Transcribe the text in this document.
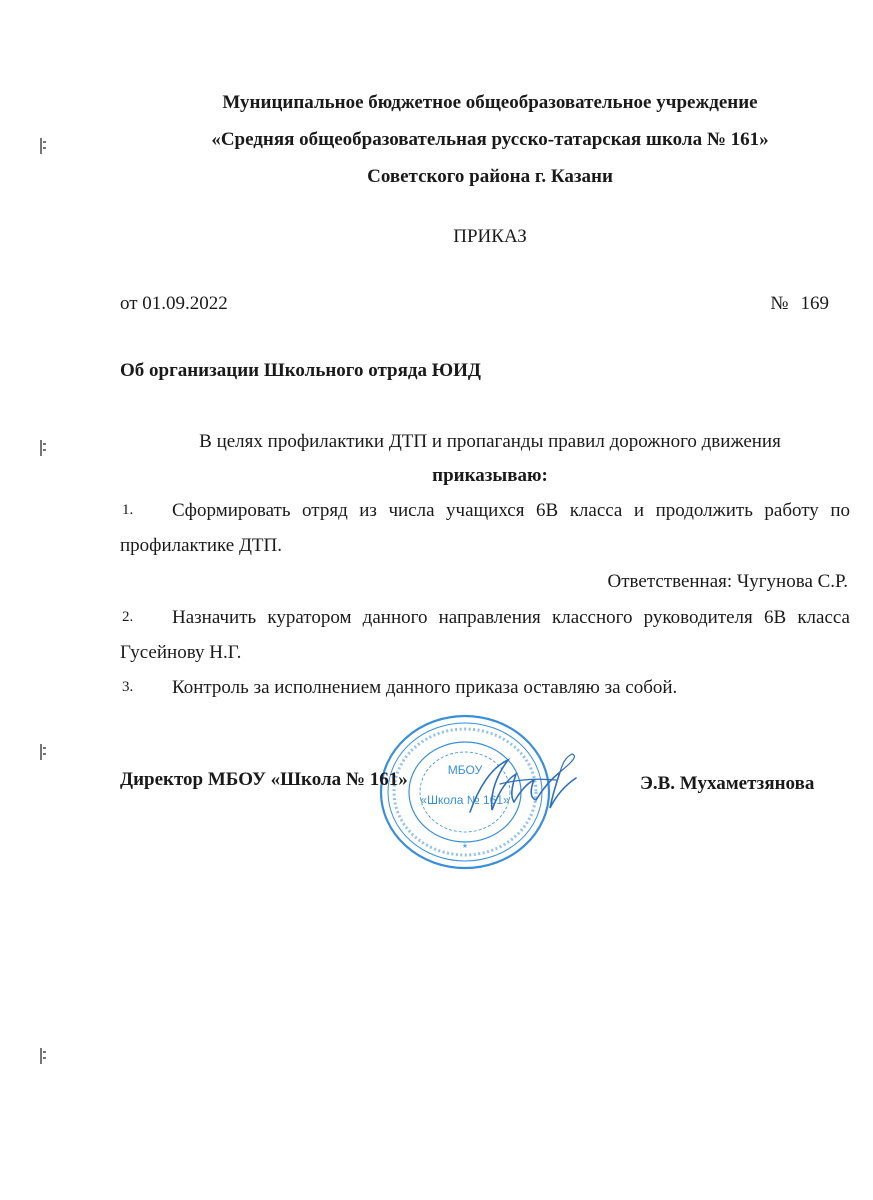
Муниципальное бюджетное общеобразовательное учреждение
«Средняя общеобразовательная русско-татарская школа № 161»
Советского района г. Казани
ПРИКАЗ
от 01.09.2022	№ 169
Об организации Школьного отряда ЮИД
В целях профилактики ДТП и пропаганды правил дорожного движения
приказываю:
1.	Сформировать отряд из числа учащихся 6В класса и продолжить работу по профилактике ДТП.
Ответственная: Чугунова С.Р.
2.	Назначить куратором данного направления классного руководителя 6В класса Гусейнову Н.Г.
3.	Контроль за исполнением данного приказа оставляю за собой.
МБОУ
«Школа № 161»
*
Директор МБОУ «Школа № 161»	Э.В. Мухаметзянова
